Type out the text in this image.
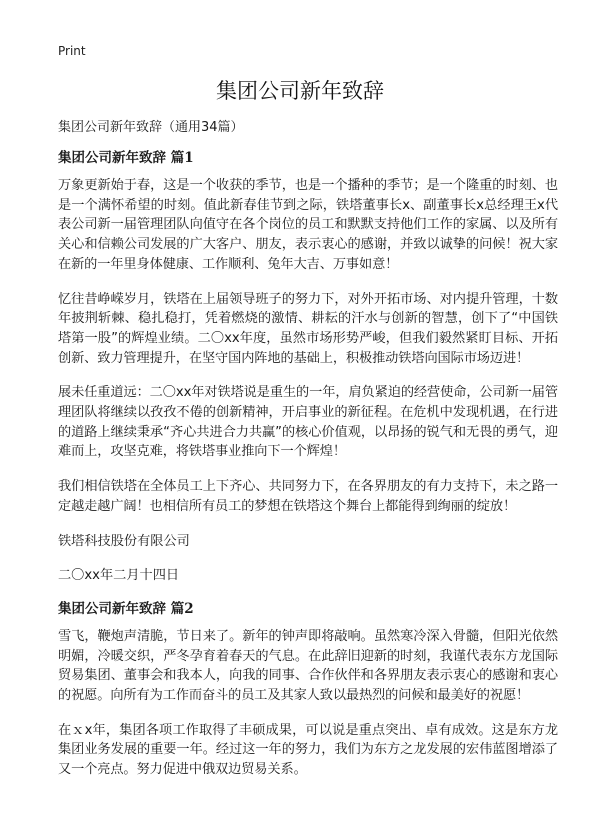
Print
集团公司新年致辞

集团公司新年致辞（通用34篇）

集团公司新年致辞 篇1

万象更新始于春，这是一个收获的季节，也是一个播种的季节；是一个隆重的时刻、也是一个满怀希望的时刻。值此新春佳节到之际，铁塔董事长x、副董事长x总经理王x代表公司新一届管理团队向值守在各个岗位的员工和默默支持他们工作的家属、以及所有关心和信赖公司发展的广大客户、朋友，表示衷心的感谢，并致以诚挚的问候！祝大家在新的一年里身体健康、工作顺利、兔年大吉、万事如意！

忆往昔峥嵘岁月，铁塔在上届领导班子的努力下，对外开拓市场、对内提升管理，十数年披荆斩棘、稳扎稳打，凭着燃烧的激情、耕耘的汗水与创新的智慧，创下了“中国铁塔第一股”的辉煌业绩。二〇xx年度，虽然市场形势严峻，但我们毅然紧盯目标、开拓创新、致力管理提升，在坚守国内阵地的基础上，积极推动铁塔向国际市场迈进！

展未任重道远：二〇xx年对铁塔说是重生的一年，肩负紧迫的经营使命，公司新一届管理团队将继续以孜孜不倦的创新精神，开启事业的新征程。在危机中发现机遇，在行进的道路上继续秉承“齐心共进合力共赢”的核心价值观，以昂扬的锐气和无畏的勇气，迎难而上，攻坚克难，将铁塔事业推向下一个辉煌！

我们相信铁塔在全体员工上下齐心、共同努力下，在各界朋友的有力支持下，未之路一定越走越广阔！也相信所有员工的梦想在铁塔这个舞台上都能得到绚丽的绽放！

铁塔科技股份有限公司

二〇xx年二月十四日

集团公司新年致辞 篇2

雪飞，鞭炮声清脆，节日来了。新年的钟声即将敲响。虽然寒冷深入骨髓，但阳光依然明媚，冷暖交织，严冬孕育着春天的气息。在此辞旧迎新的时刻，我谨代表东方龙国际贸易集团、董事会和我本人，向我的同事、合作伙伴和各界朋友表示衷心的感谢和衷心的祝愿。向所有为工作而奋斗的员工及其家人致以最热烈的问候和最美好的祝愿！

在ｘx年，集团各项工作取得了丰硕成果，可以说是重点突出、卓有成效。这是东方龙集团业务发展的重要一年。经过这一年的努力，我们为东方之龙发展的宏伟蓝图增添了又一个亮点。努力促进中俄双边贸易关系。
